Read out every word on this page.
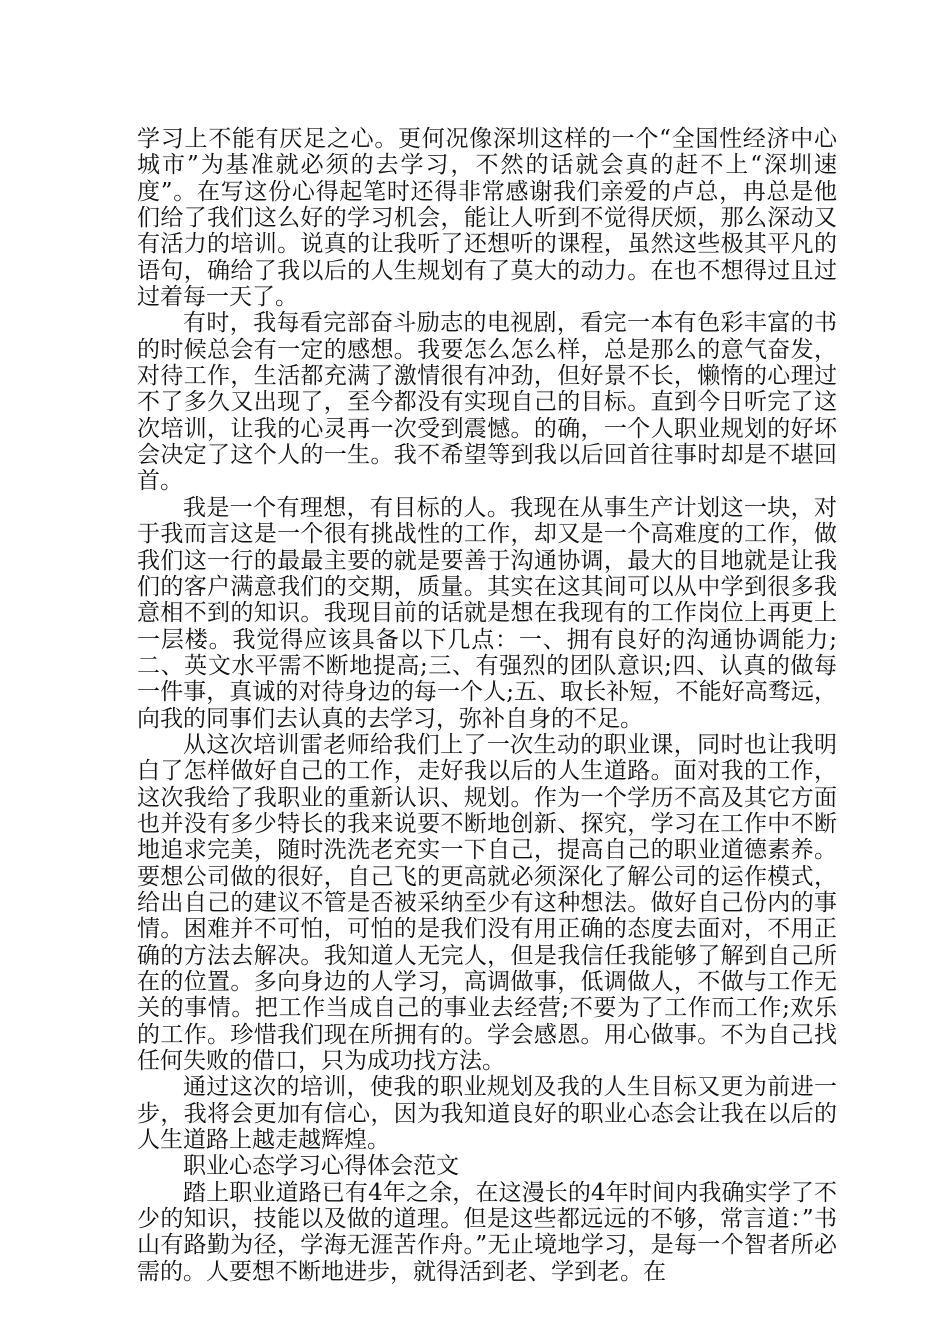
学习上不能有厌足之心。更何况像深圳这样的一个“全国性经济中心城市”为基准就必须的去学习，不然的话就会真的赶不上“深圳速度”。在写这份心得起笔时还得非常感谢我们亲爱的卢总，冉总是他们给了我们这么好的学习机会，能让人听到不觉得厌烦，那么深动又有活力的培训。说真的让我听了还想听的课程，虽然这些极其平凡的语句，确给了我以后的人生规划有了莫大的动力。在也不想得过且过过着每一天了。

有时，我每看完部奋斗励志的电视剧，看完一本有色彩丰富的书的时候总会有一定的感想。我要怎么怎么样，总是那么的意气奋发，对待工作，生活都充满了激情很有冲劲，但好景不长，懒惰的心理过不了多久又出现了，至今都没有实现自己的目标。直到今日听完了这次培训，让我的心灵再一次受到震憾。的确，一个人职业规划的好坏会决定了这个人的一生。我不希望等到我以后回首往事时却是不堪回首。

我是一个有理想，有目标的人。我现在从事生产计划这一块，对于我而言这是一个很有挑战性的工作，却又是一个高难度的工作，做我们这一行的最最主要的就是要善于沟通协调，最大的目地就是让我们的客户满意我们的交期，质量。其实在这其间可以从中学到很多我意相不到的知识。我现目前的话就是想在我现有的工作岗位上再更上一层楼。我觉得应该具备以下几点：一、拥有良好的沟通协调能力;二、英文水平需不断地提高;三、有强烈的团队意识;四、认真的做每一件事，真诚的对待身边的每一个人;五、取长补短，不能好高骛远，向我的同事们去认真的去学习，弥补自身的不足。

从这次培训雷老师给我们上了一次生动的职业课，同时也让我明白了怎样做好自己的工作，走好我以后的人生道路。面对我的工作，这次我给了我职业的重新认识、规划。作为一个学历不高及其它方面也并没有多少特长的我来说要不断地创新、探究，学习在工作中不断地追求完美，随时洗洗老充实一下自己，提高自己的职业道德素养。要想公司做的很好，自己飞的更高就必须深化了解公司的运作模式，给出自己的建议不管是否被采纳至少有这种想法。做好自己份内的事情。困难并不可怕，可怕的是我们没有用正确的态度去面对，不用正确的方法去解决。我知道人无完人，但是我信任我能够了解到自己所在的位置。多向身边的人学习，高调做事，低调做人，不做与工作无关的事情。把工作当成自己的事业去经营;不要为了工作而工作;欢乐的工作。珍惜我们现在所拥有的。学会感恩。用心做事。不为自己找任何失败的借口，只为成功找方法。

通过这次的培训，使我的职业规划及我的人生目标又更为前进一步，我将会更加有信心，因为我知道良好的职业心态会让我在以后的人生道路上越走越辉煌。

职业心态学习心得体会范文

踏上职业道路已有4年之余，在这漫长的4年时间内我确实学了不少的知识，技能以及做的道理。但是这些都远远的不够，常言道：”书山有路勤为径，学海无涯苦作舟。”无止境地学习，是每一个智者所必需的。人要想不断地进步，就得活到老、学到老。在
